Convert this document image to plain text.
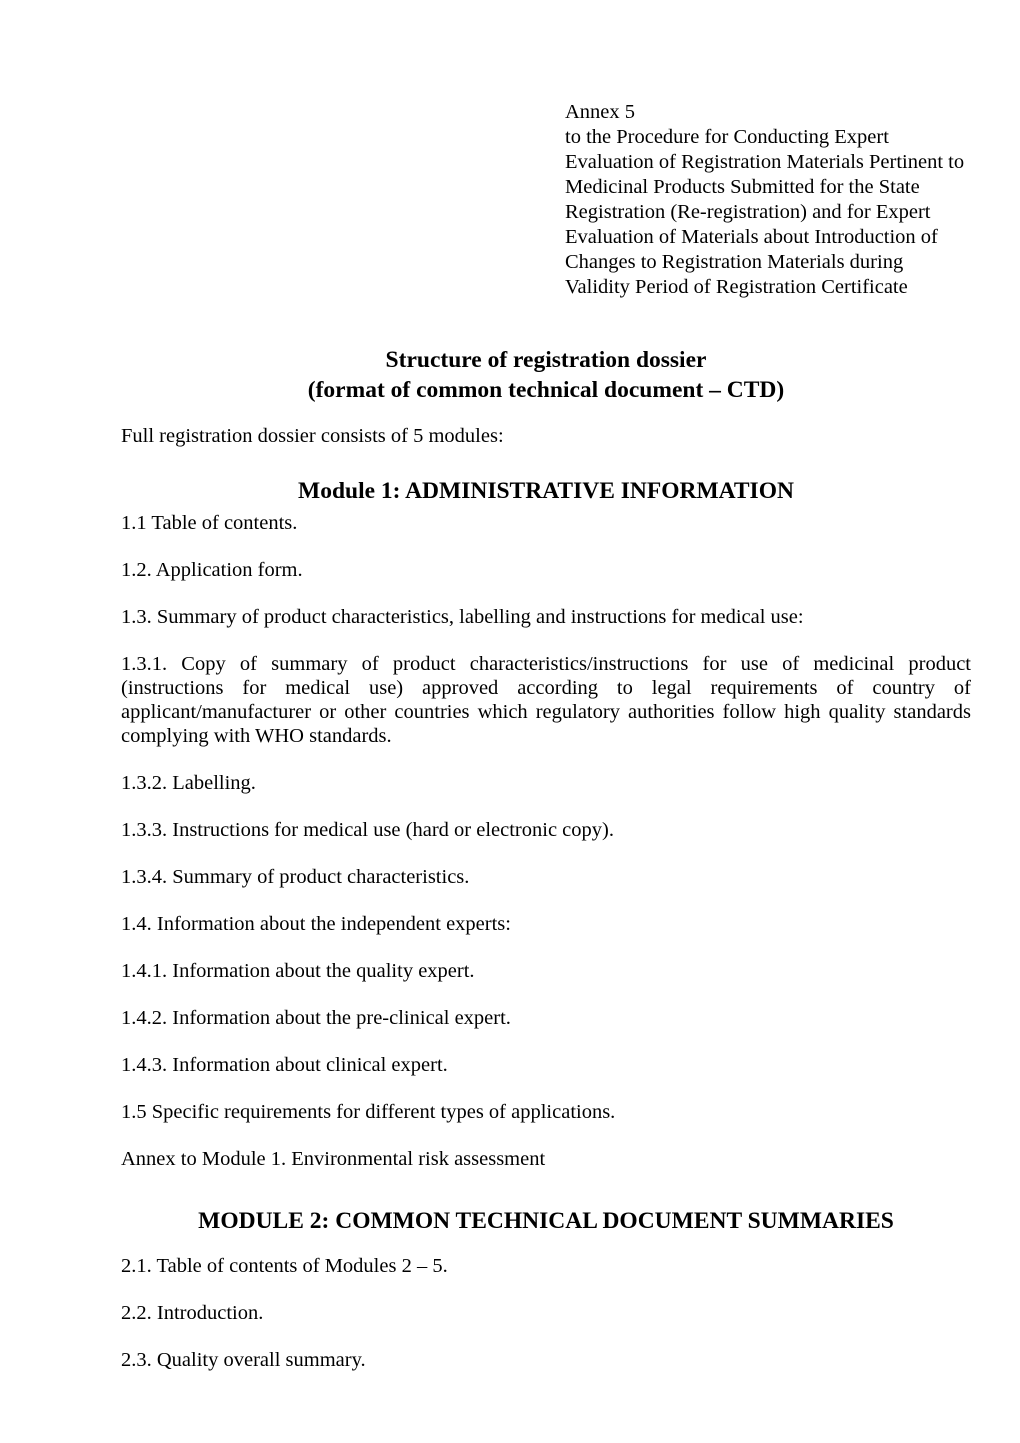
Annex 5
to the Procedure for Conducting Expert
Evaluation of Registration Materials Pertinent to
Medicinal Products Submitted for the State
Registration (Re-registration) and for Expert
Evaluation of Materials about Introduction of
Changes to Registration Materials during
Validity Period of Registration Certificate
Structure of registration dossier
(format of common technical document – CTD)
Full registration dossier consists of 5 modules:
Module 1: ADMINISTRATIVE INFORMATION
1.1 Table of contents.
1.2. Application form.
1.3. Summary of product characteristics, labelling and instructions for medical use:
1.3.1. Copy of summary of product characteristics/instructions for use of medicinal product
(instructions for medical use) approved according to legal requirements of country of
applicant/manufacturer or other countries which regulatory authorities follow high quality standards
complying with WHO standards.
1.3.2. Labelling.
1.3.3. Instructions for medical use (hard or electronic copy).
1.3.4. Summary of product characteristics.
1.4. Information about the independent experts:
1.4.1. Information about the quality expert.
1.4.2. Information about the pre-clinical expert.
1.4.3. Information about clinical expert.
1.5 Specific requirements for different types of applications.
Annex to Module 1. Environmental risk assessment
MODULE 2: COMMON TECHNICAL DOCUMENT SUMMARIES
2.1. Table of contents of Modules 2 – 5.
2.2. Introduction.
2.3. Quality overall summary.
